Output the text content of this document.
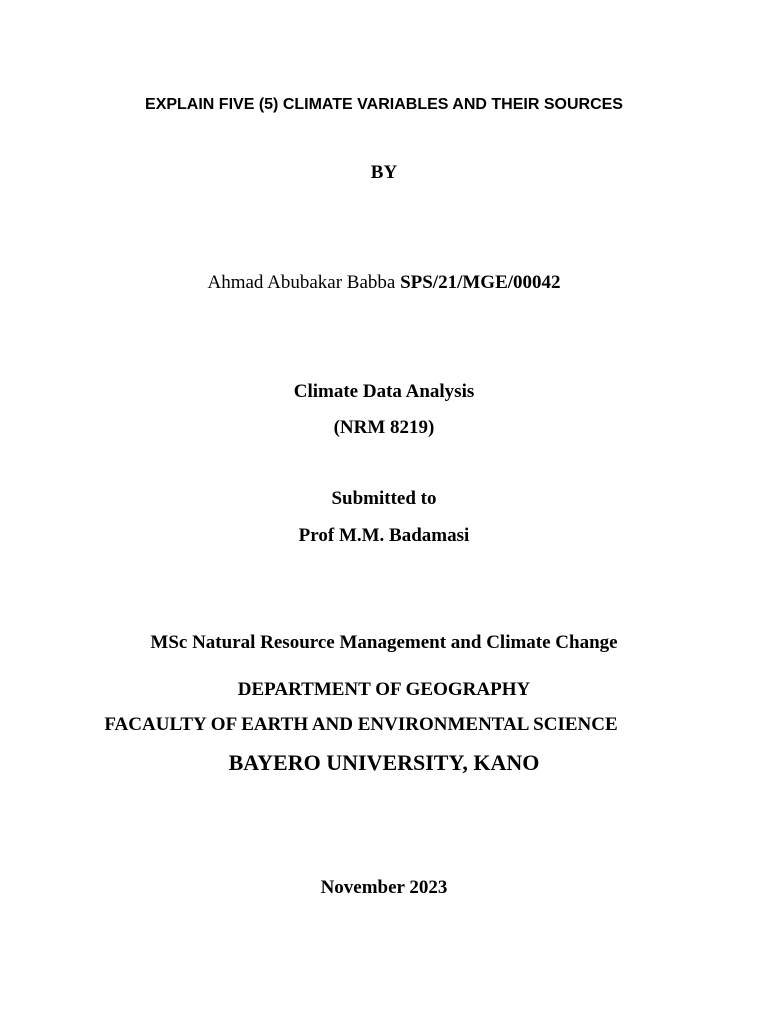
EXPLAIN FIVE (5) CLIMATE VARIABLES AND THEIR SOURCES
BY
Ahmad Abubakar Babba SPS/21/MGE/00042
Climate Data Analysis
(NRM 8219)
Submitted to
Prof M.M. Badamasi
MSc Natural Resource Management and Climate Change
DEPARTMENT OF GEOGRAPHY
FACAULTY OF EARTH AND ENVIRONMENTAL SCIENCE
BAYERO UNIVERSITY, KANO
November 2023
